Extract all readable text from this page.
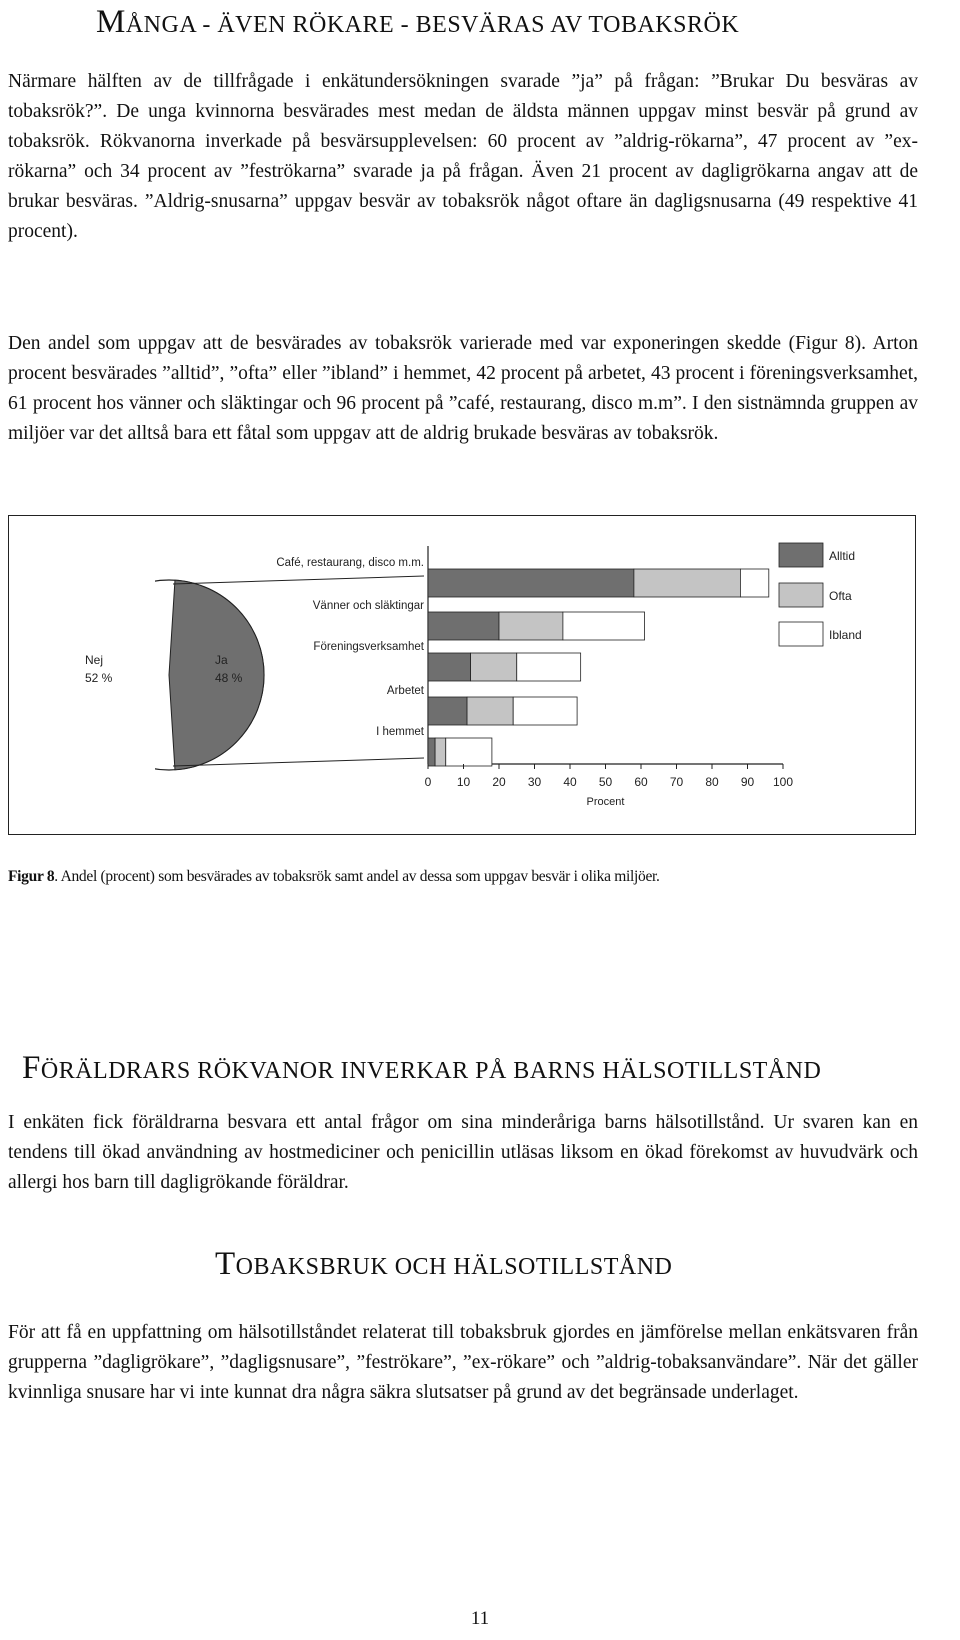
MÅNGA - ÄVEN RÖKARE - BESVÄRAS AV TOBAKSRÖK
Närmare hälften av de tillfrågade i enkätundersökningen svarade ”ja” på frågan: ”Brukar Du besväras av tobaksrök?”. De unga kvinnorna besvärades mest medan de äldsta männen uppgav minst besvär på grund av tobaksrök. Rökvanorna inverkade på besvärsupplevelsen: 60 procent av ”aldrig-rökarna”, 47 procent av ”ex-rökarna” och 34 procent av ”feströkarna” svarade ja på frågan. Även 21 procent av dagligrökarna angav att de brukar besväras. ”Aldrig-snusarna” uppgav besvär av tobaksrök något oftare än dagligsnusarna (49 respektive 41 procent).
Den andel som uppgav att de besvärades av tobaksrök varierade med var exponeringen skedde (Figur 8). Arton procent besvärades ”alltid”, ”ofta” eller ”ibland” i hemmet, 42 procent på arbetet, 43 procent i föreningsverksamhet, 61 procent hos vänner och släktingar och 96 procent på ”café, restaurang, disco m.m”. I den sistnämnda gruppen av miljöer var det alltså bara ett fåtal som uppgav att de aldrig brukade besväras av tobaksrök.
Nej
52 %
Ja
48 %
Café, restaurang, disco m.m.
Vänner och släktingar
Föreningsverksamhet
Arbetet
I hemmet
0 10 20 30 40 50 60 70 80 90 100
Procent
Alltid
Ofta
Ibland
Figur 8. Andel (procent) som besvärades av tobaksrök samt andel av dessa som uppgav besvär i olika miljöer.
FÖRÄLDRARS RÖKVANOR INVERKAR PÅ BARNS HÄLSOTILLSTÅND
I enkäten fick föräldrarna besvara ett antal frågor om sina minderåriga barns hälsotillstånd. Ur svaren kan en tendens till ökad användning av hostmediciner och penicillin utläsas liksom en ökad förekomst av huvudvärk och allergi hos barn till dagligrökande föräldrar.
TOBAKSBRUK OCH HÄLSOTILLSTÅND
För att få en uppfattning om hälsotillståndet relaterat till tobaksbruk gjordes en jämförelse mellan enkätsvaren från grupperna ”dagligrökare”, ”dagligsnusare”, ”feströkare”, ”ex-rökare” och ”aldrig-tobaksanvändare”. När det gäller kvinnliga snusare har vi inte kunnat dra några säkra slutsatser på grund av det begränsade underlaget.
11
